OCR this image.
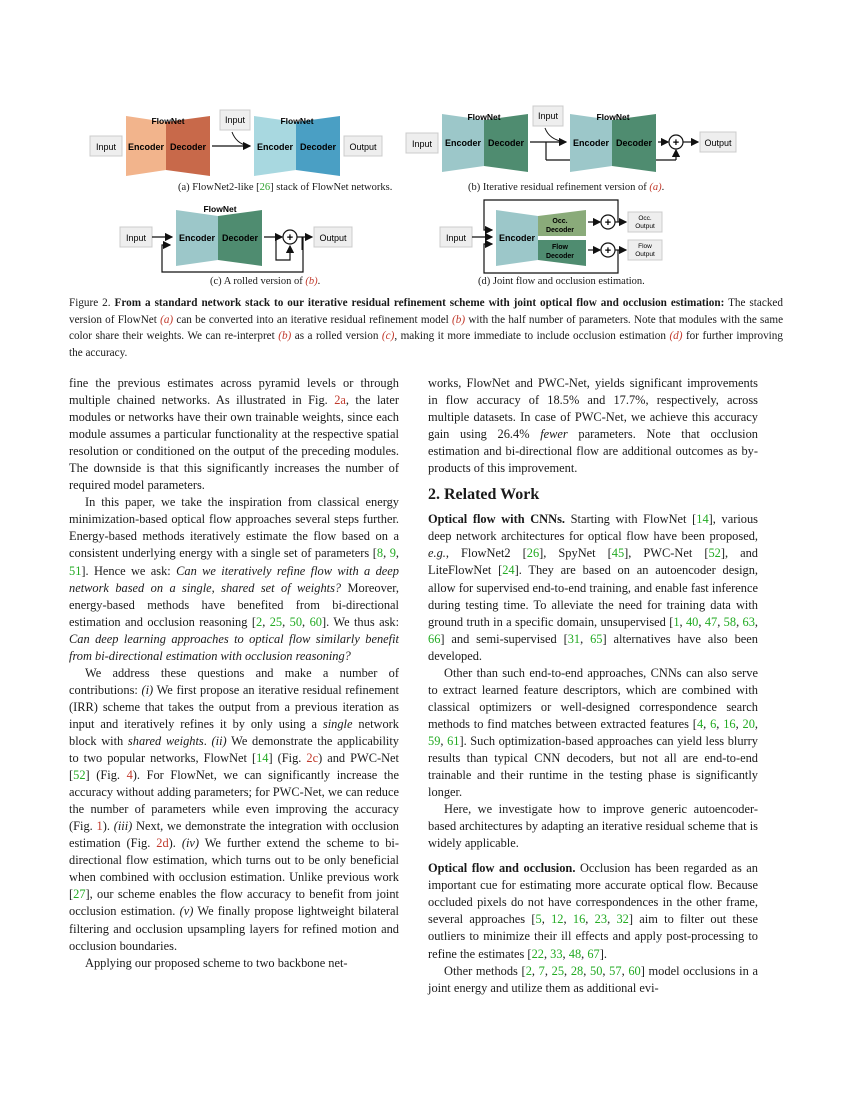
Input Encoder Decoder
FlowNet	Input
Encoder Decoder
FlowNet
Output	Input Encoder Decoder
FlowNet	Input
Encoder Decoder
FlowNet
+	Output
Input	Encoder Decoder
FlowNet
+	Output	Input	Encoder
Occ.
Decoder
Flow
Decoder
+	Occ.
Output
+	Flow
Output
(a) FlowNet2-like [26] stack of FlowNet networks.	(b) Iterative residual refinement version of (a).
(c) A rolled version of (b).	(d) Joint flow and occlusion estimation.
Figure 2. From a standard network stack to our iterative residual refinement scheme with joint optical flow and occlusion estimation: The stacked version of FlowNet (a) can be converted into an iterative residual refinement model (b) with the half number of parameters. Note that modules with the same color share their weights. We can re-interpret (b) as a rolled version (c), making it more immediate to include occlusion estimation (d) for further improving the accuracy.

fine the previous estimates across pyramid levels or through multiple chained networks. As illustrated in Fig. 2a, the later modules or networks have their own trainable weights, since each module assumes a particular functionality at the respective spatial resolution or conditioned on the output of the preceding modules. The downside is that this significantly increases the number of required model parameters.

In this paper, we take the inspiration from classical energy minimization-based optical flow approaches several steps further. Energy-based methods iteratively estimate the flow based on a consistent underlying energy with a single set of parameters [8, 9, 51]. Hence we ask: Can we iteratively refine flow with a deep network based on a single, shared set of weights? Moreover, energy-based methods have benefited from bi-directional estimation and occlusion reasoning [2, 25, 50, 60]. We thus ask: Can deep learning approaches to optical flow similarly benefit from bi-directional estimation with occlusion reasoning?

We address these questions and make a number of contributions: (i) We first propose an iterative residual refinement (IRR) scheme that takes the output from a previous iteration as input and iteratively refines it by only using a single network block with shared weights. (ii) We demonstrate the applicability to two popular networks, FlowNet [14] (Fig. 2c) and PWC-Net [52] (Fig. 4). For FlowNet, we can significantly increase the accuracy without adding parameters; for PWC-Net, we can reduce the number of parameters while even improving the accuracy (Fig. 1). (iii) Next, we demonstrate the integration with occlusion estimation (Fig. 2d). (iv) We further extend the scheme to bi-directional flow estimation, which turns out to be only beneficial when combined with occlusion estimation. Unlike previous work [27], our scheme enables the flow accuracy to benefit from joint occlusion estimation. (v) We finally propose lightweight bilateral filtering and occlusion upsampling layers for refined motion and occlusion boundaries.

Applying our proposed scheme to two backbone net-

works, FlowNet and PWC-Net, yields significant improvements in flow accuracy of 18.5% and 17.7%, respectively, across multiple datasets. In case of PWC-Net, we achieve this accuracy gain using 26.4% fewer parameters. Note that occlusion estimation and bi-directional flow are additional outcomes as by-products of this improvement.

2. Related Work

Optical flow with CNNs. Starting with FlowNet [14], various deep network architectures for optical flow have been proposed, e.g., FlowNet2 [26], SpyNet [45], PWC-Net [52], and LiteFlowNet [24]. They are based on an autoencoder design, allow for supervised end-to-end training, and enable fast inference during testing time. To alleviate the need for training data with ground truth in a specific domain, unsupervised [1, 40, 47, 58, 63, 66] and semi-supervised [31, 65] alternatives have also been developed.

Other than such end-to-end approaches, CNNs can also serve to extract learned feature descriptors, which are combined with classical optimizers or well-designed correspondence search methods to find matches between extracted features [4, 6, 16, 20, 59, 61]. Such optimization-based approaches can yield less blurry results than typical CNN decoders, but not all are end-to-end trainable and their runtime in the testing phase is significantly longer.

Here, we investigate how to improve generic autoencoder-based architectures by adapting an iterative residual scheme that is widely applicable.

Optical flow and occlusion. Occlusion has been regarded as an important cue for estimating more accurate optical flow. Because occluded pixels do not have correspondences in the other frame, several approaches [5, 12, 16, 23, 32] aim to filter out these outliers to minimize their ill effects and apply post-processing to refine the estimates [22, 33, 48, 67].

Other methods [2, 7, 25, 28, 50, 57, 60] model occlusions in a joint energy and utilize them as additional evi-
